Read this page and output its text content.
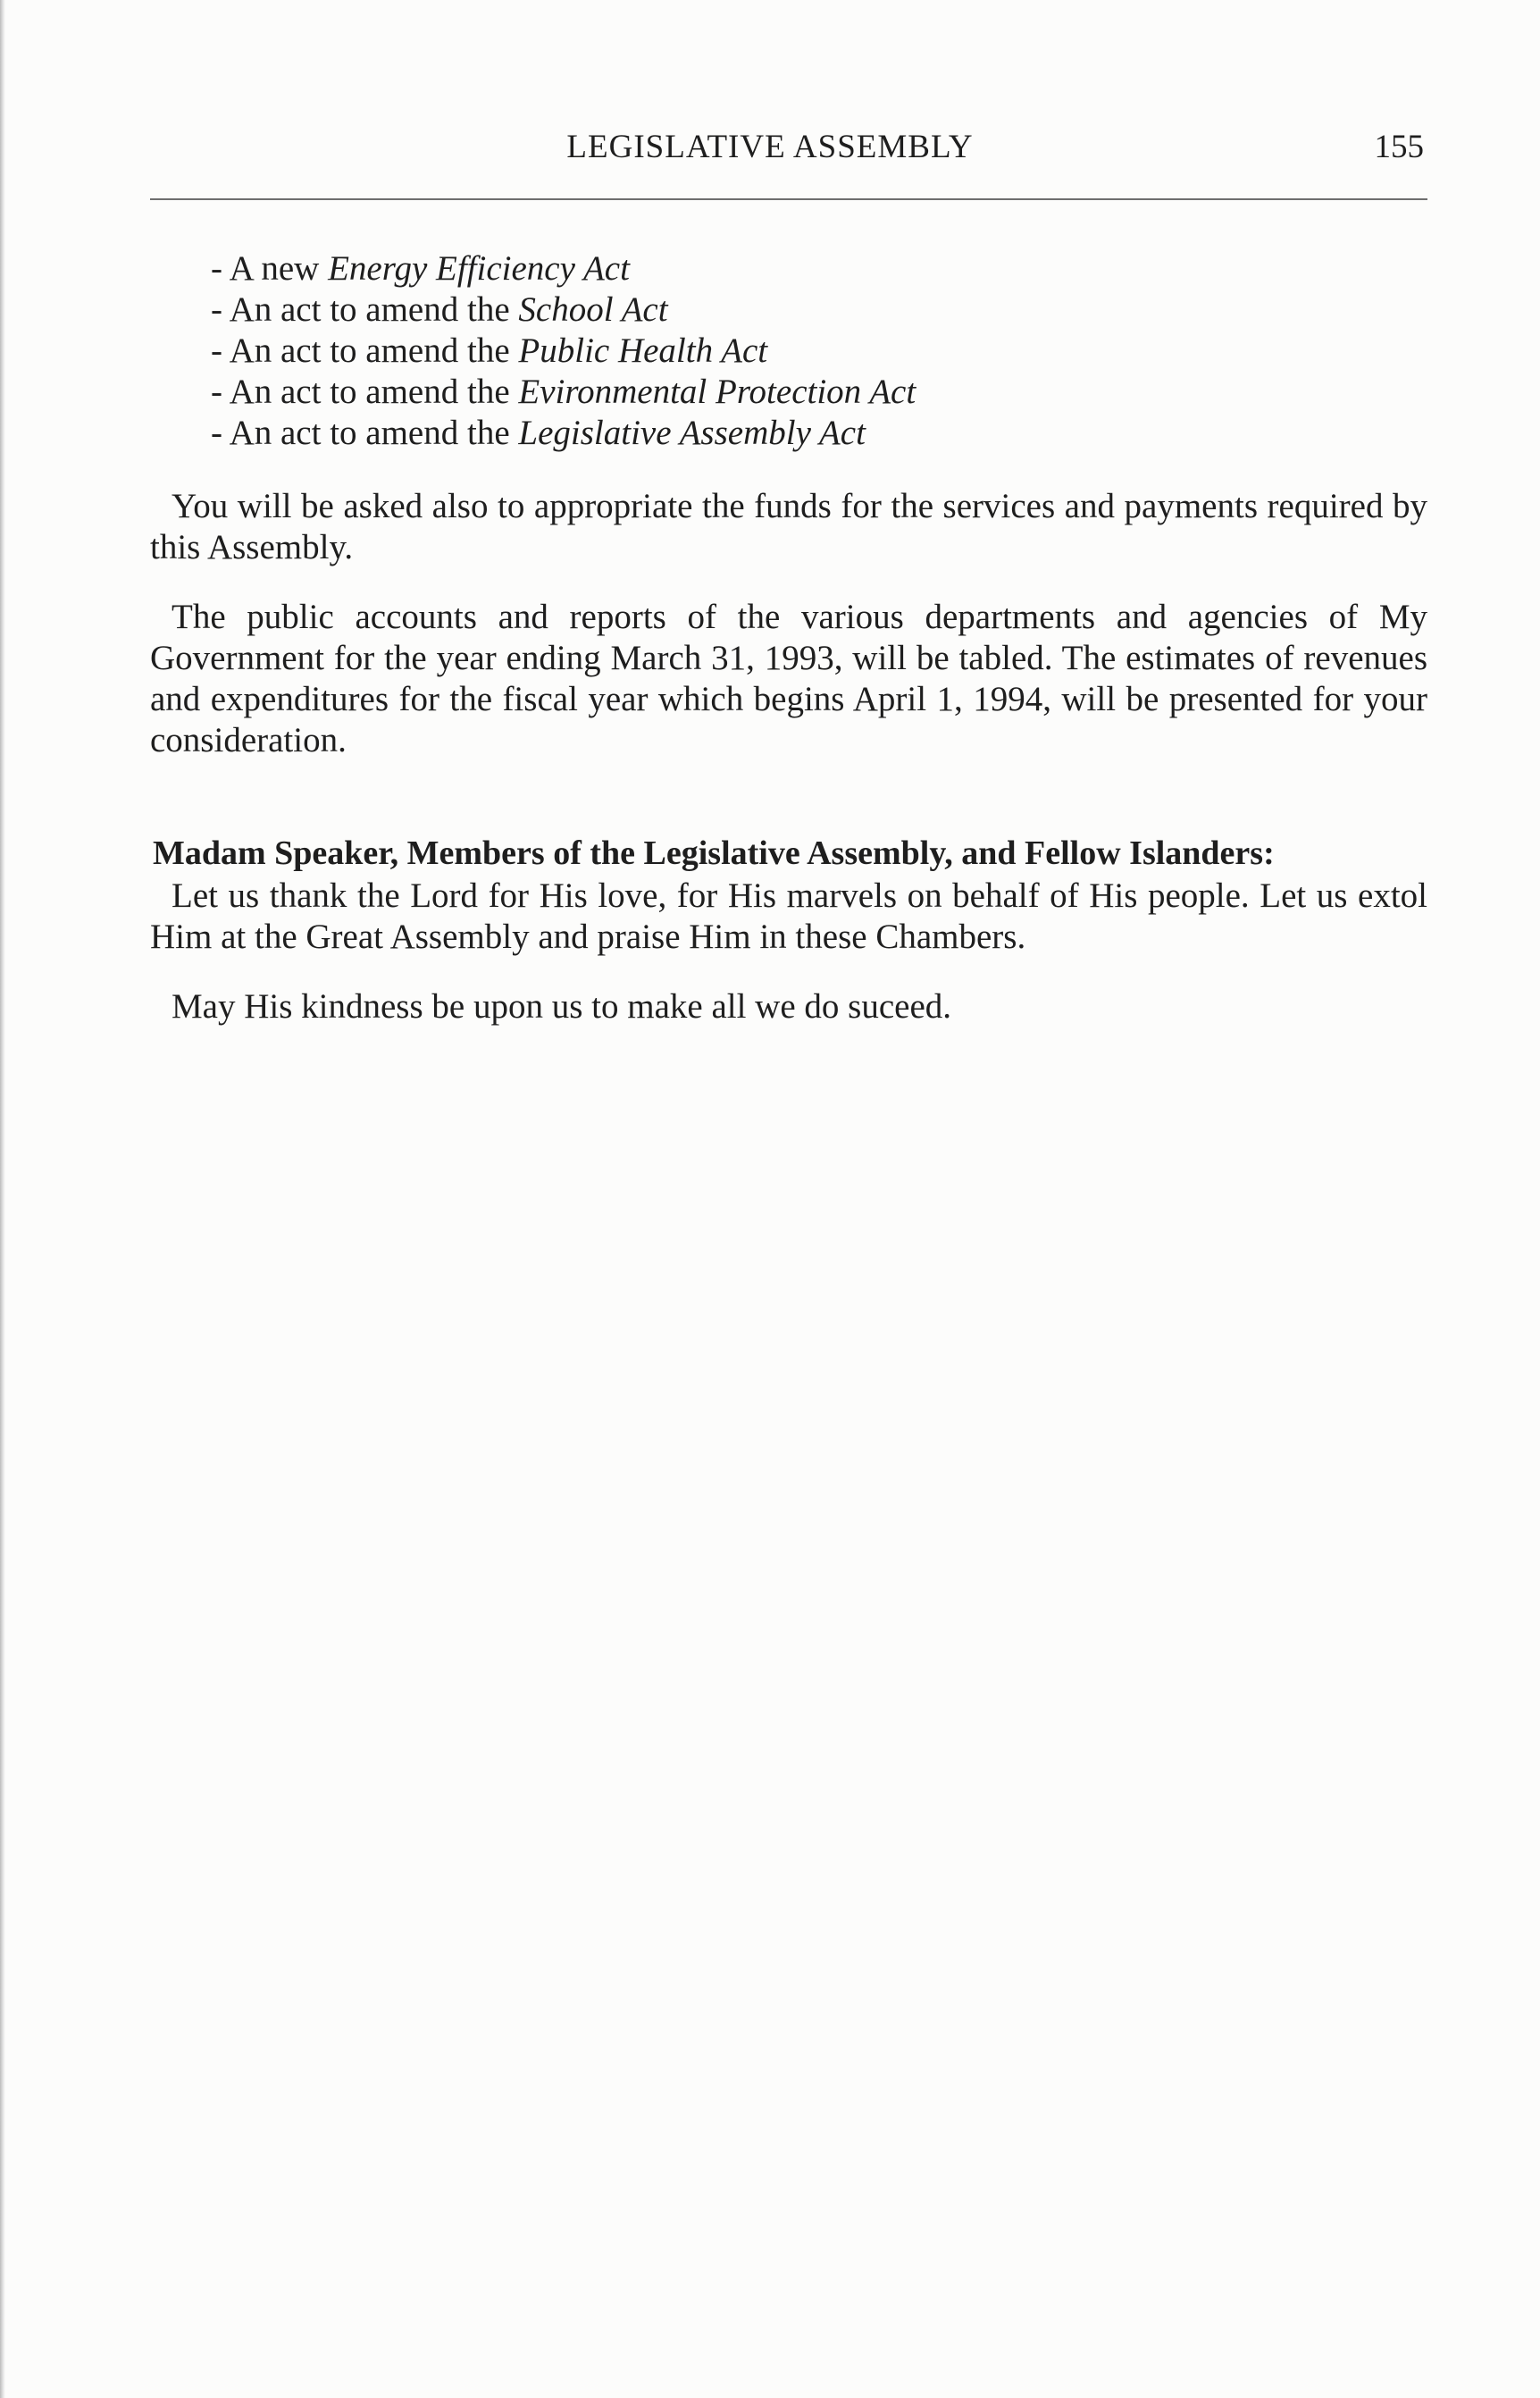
LEGISLATIVE ASSEMBLY	155
- A new Energy Efficiency Act
- An act to amend the School Act
- An act to amend the Public Health Act
- An act to amend the Evironmental Protection Act
- An act to amend the Legislative Assembly Act

You will be asked also to appropriate the funds for the services and payments required by this Assembly.

The public accounts and reports of the various departments and agencies of My Government for the year ending March 31, 1993, will be tabled. The estimates of revenues and expenditures for the fiscal year which begins April 1, 1994, will be presented for your consideration.

Madam Speaker, Members of the Legislative Assembly, and Fellow Islanders:

Let us thank the Lord for His love, for His marvels on behalf of His people. Let us extol Him at the Great Assembly and praise Him in these Chambers.

May His kindness be upon us to make all we do suceed.
